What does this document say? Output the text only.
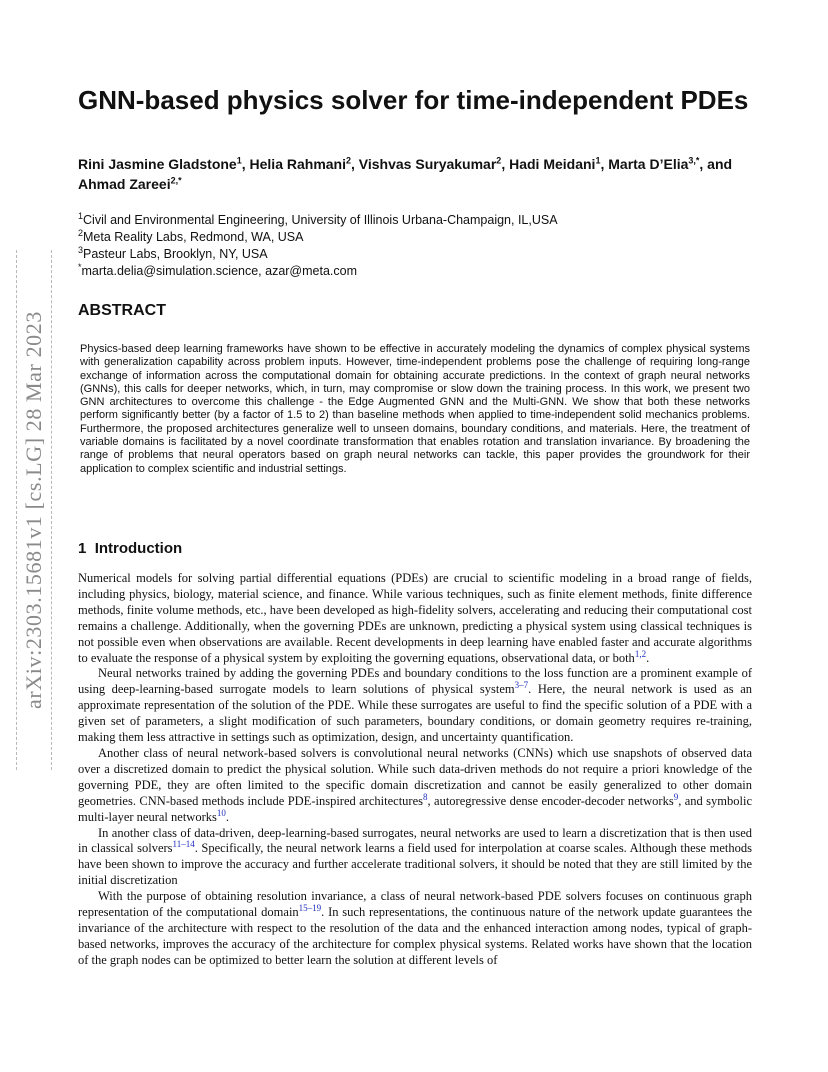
arXiv:2303.15681v1 [cs.LG] 28 Mar 2023
GNN-based physics solver for time-independent PDEs
Rini Jasmine Gladstone$^1$, Helia Rahmani$^2$, Vishvas Suryakumar$^2$, Hadi Meidani$^1$, Marta D’Elia$^{3,*}$, and Ahmad Zareei$^{2,*}$
$^1$Civil and Environmental Engineering, University of Illinois Urbana-Champaign, IL,USA
$^2$Meta Reality Labs, Redmond, WA, USA
$^3$Pasteur Labs, Brooklyn, NY, USA
*marta.delia@simulation.science, azar@meta.com
ABSTRACT
Physics-based deep learning frameworks have shown to be effective in accurately modeling the dynamics of complex physical systems with generalization capability across problem inputs. However, time-independent problems pose the challenge of requiring long-range exchange of information across the computational domain for obtaining accurate predictions. In the context of graph neural networks (GNNs), this calls for deeper networks, which, in turn, may compromise or slow down the training process. In this work, we present two GNN architectures to overcome this challenge - the Edge Augmented GNN and the Multi-GNN. We show that both these networks perform significantly better (by a factor of 1.5 to 2) than baseline methods when applied to time-independent solid mechanics problems. Furthermore, the proposed architectures generalize well to unseen domains, boundary conditions, and materials. Here, the treatment of variable domains is facilitated by a novel coordinate transformation that enables rotation and translation invariance. By broadening the range of problems that neural operators based on graph neural networks can tackle, this paper provides the groundwork for their application to complex scientific and industrial settings.
1 Introduction

Numerical models for solving partial differential equations (PDEs) are crucial to scientific modeling in a broad range of fields, including physics, biology, material science, and finance. While various techniques, such as finite element methods, finite difference methods, finite volume methods, etc., have been developed as high-fidelity solvers, accelerating and reducing their computational cost remains a challenge. Additionally, when the governing PDEs are unknown, predicting a physical system using classical techniques is not possible even when observations are available. Recent developments in deep learning have enabled faster and accurate algorithms to evaluate the response of a physical system by exploiting the governing equations, observational data, or both$^{1,2}$.

Neural networks trained by adding the governing PDEs and boundary conditions to the loss function are a prominent example of using deep-learning-based surrogate models to learn solutions of physical system$^{3-7}$. Here, the neural network is used as an approximate representation of the solution of the PDE. While these surrogates are useful to find the specific solution of a PDE with a given set of parameters, a slight modification of such parameters, boundary conditions, or domain geometry requires re-training, making them less attractive in settings such as optimization, design, and uncertainty quantification.

Another class of neural network-based solvers is convolutional neural networks (CNNs) which use snapshots of observed data over a discretized domain to predict the physical solution. While such data-driven methods do not require a priori knowledge of the governing PDE, they are often limited to the specific domain discretization and cannot be easily generalized to other domain geometries. CNN-based methods include PDE-inspired architectures$^8$, autoregressive dense encoder-decoder networks$^9$, and symbolic multi-layer neural networks$^{10}$.

In another class of data-driven, deep-learning-based surrogates, neural networks are used to learn a discretization that is then used in classical solvers$^{11-14}$. Specifically, the neural network learns a field used for interpolation at coarse scales. Although these methods have been shown to improve the accuracy and further accelerate traditional solvers, it should be noted that they are still limited by the initial discretization

With the purpose of obtaining resolution invariance, a class of neural network-based PDE solvers focuses on continuous graph representation of the computational domain$^{15-19}$. In such representations, the continuous nature of the network update guarantees the invariance of the architecture with respect to the resolution of the data and the enhanced interaction among nodes, typical of graph-based networks, improves the accuracy of the architecture for complex physical systems. Related works have shown that the location of the graph nodes can be optimized to better learn the solution at different levels of
